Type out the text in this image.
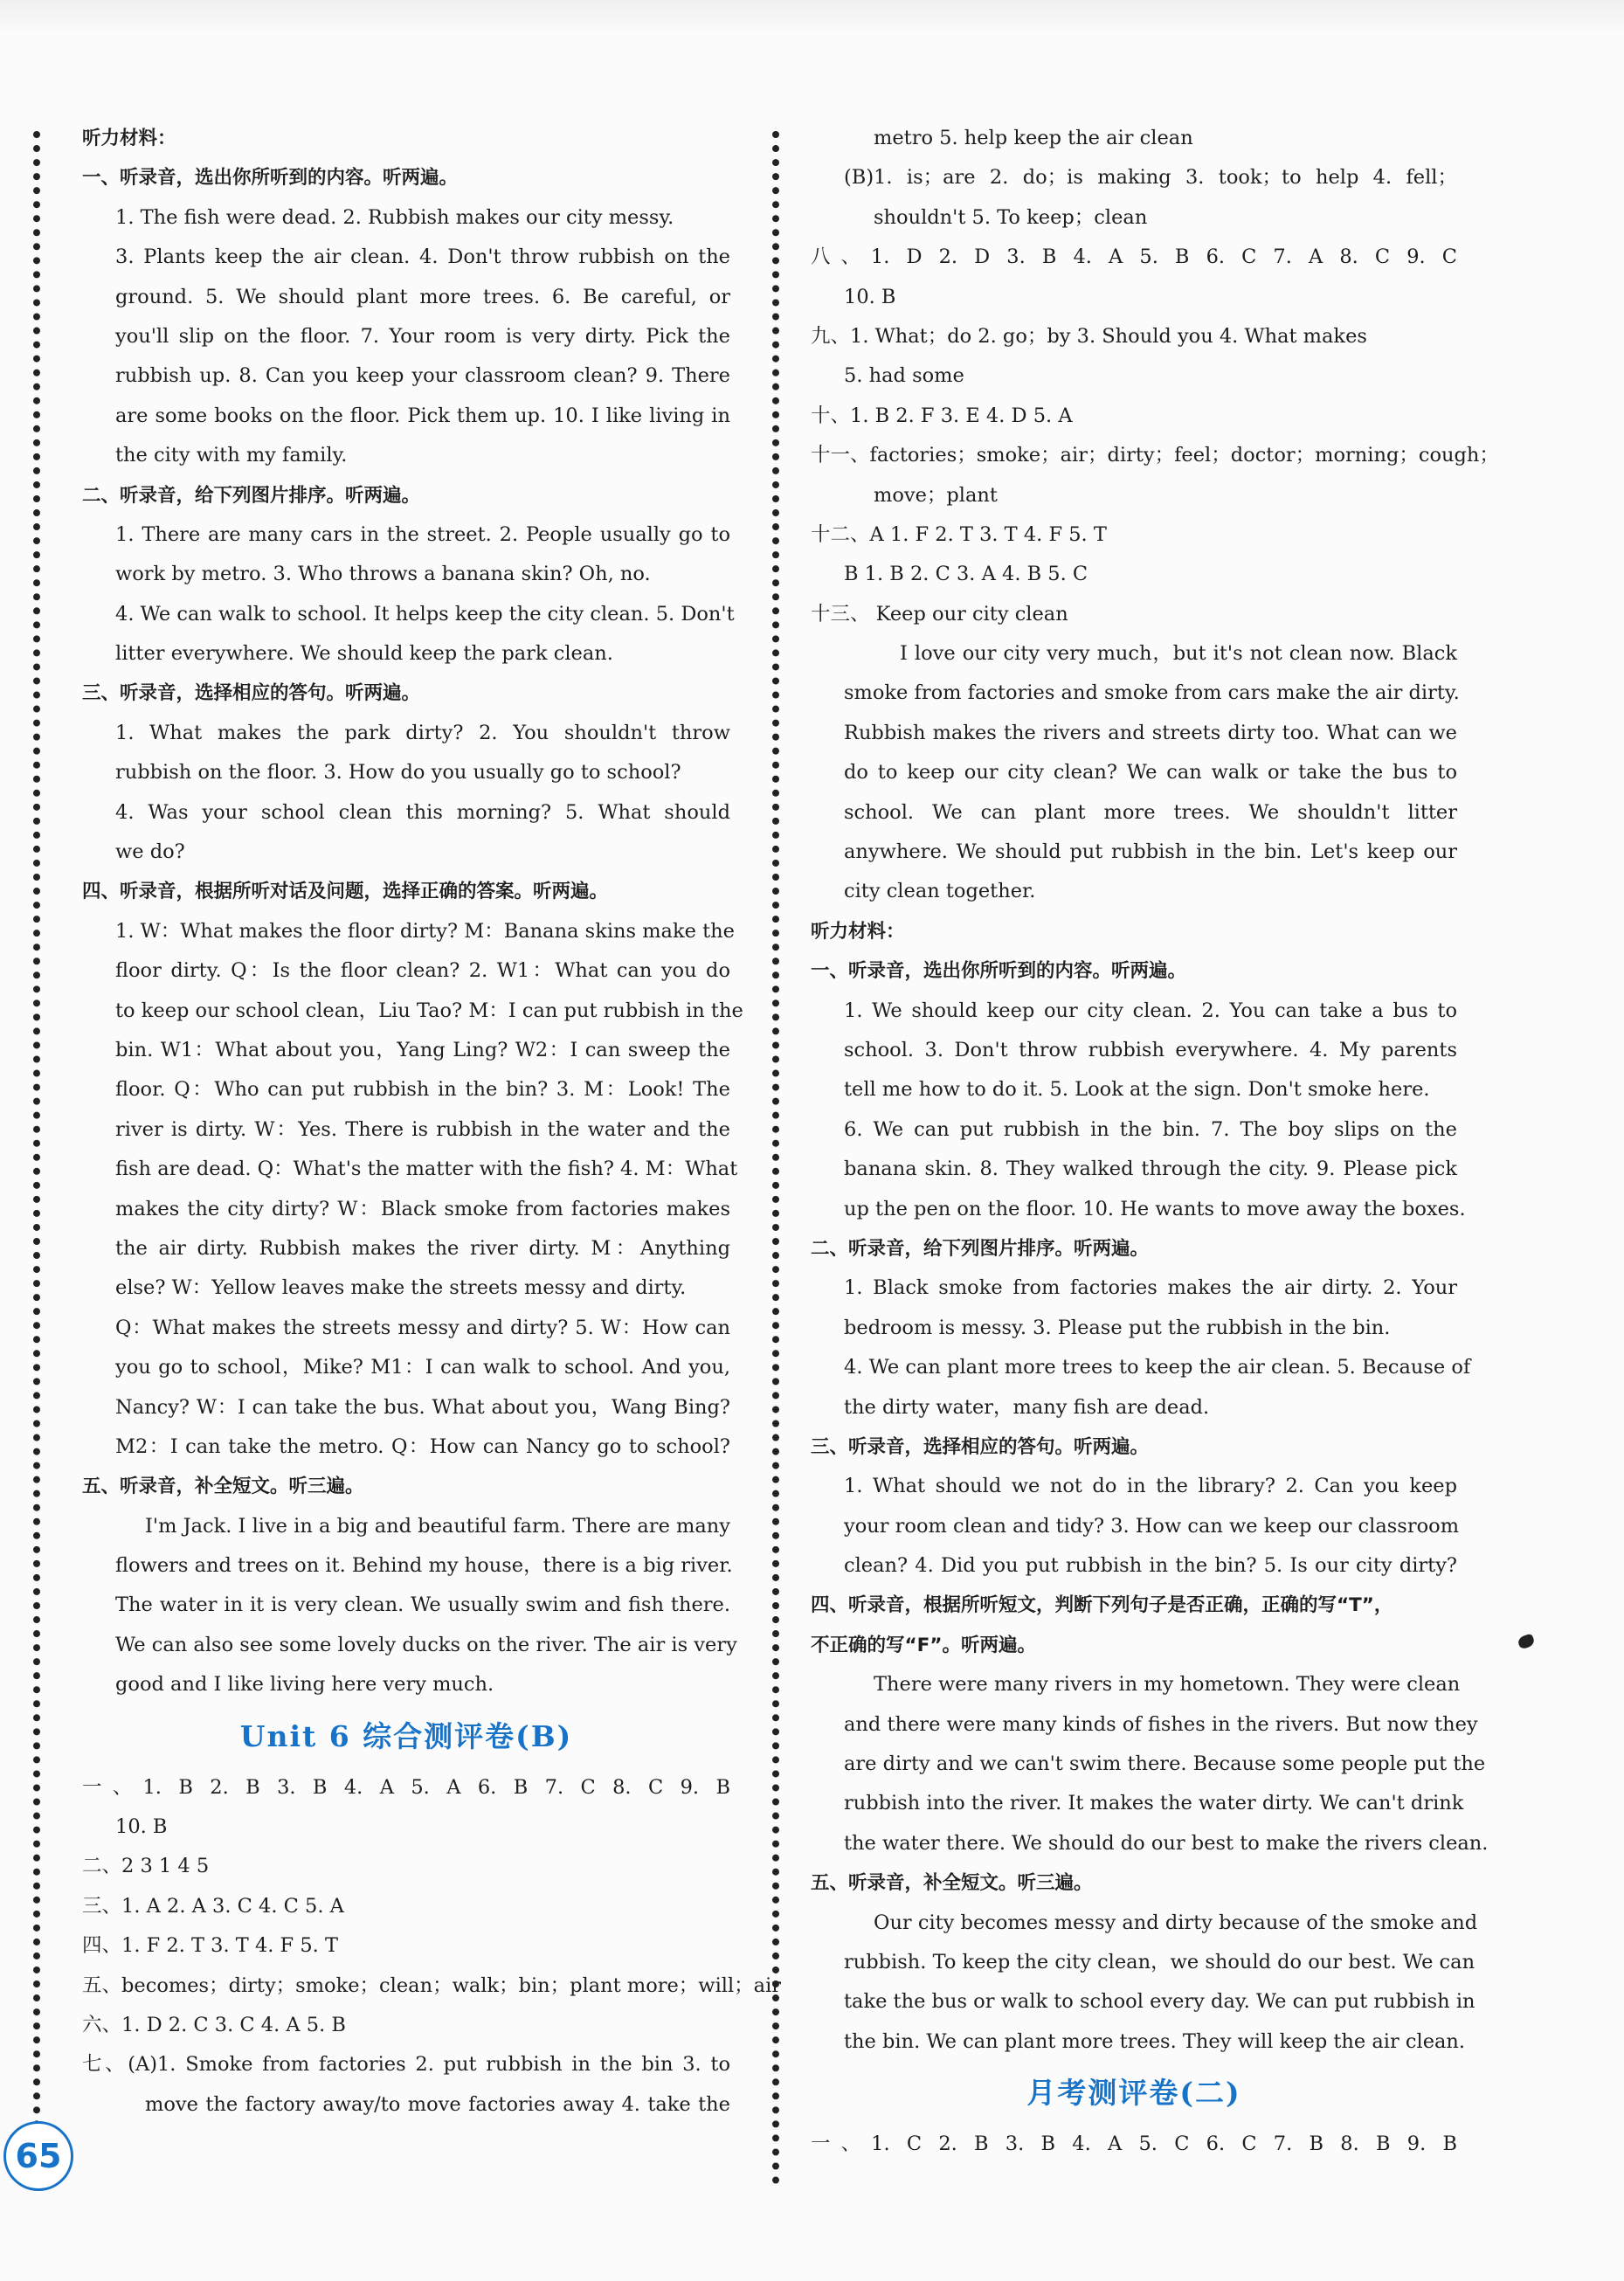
听力材料：
一、听录音，选出你所听到的内容。听两遍。
1. The fish were dead. 2. Rubbish makes our city messy.
3. Plants keep the air clean. 4. Don't throw rubbish on the
ground. 5. We should plant more trees. 6. Be careful, or
you'll slip on the floor. 7. Your room is very dirty. Pick the
rubbish up. 8. Can you keep your classroom clean? 9. There
are some books on the floor. Pick them up. 10. I like living in
the city with my family.
二、听录音，给下列图片排序。听两遍。
1. There are many cars in the street. 2. People usually go to
work by metro. 3. Who throws a banana skin? Oh, no.
4. We can walk to school. It helps keep the city clean. 5. Don't
litter everywhere. We should keep the park clean.
三、听录音，选择相应的答句。听两遍。
1. What makes the park dirty? 2. You shouldn't throw
rubbish on the floor. 3. How do you usually go to school?
4. Was your school clean this morning? 5. What should
we do?
四、听录音，根据所听对话及问题，选择正确的答案。听两遍。
1. W：What makes the floor dirty? M：Banana skins make the
floor dirty. Q：Is the floor clean? 2. W1：What can you do
to keep our school clean，Liu Tao? M：I can put rubbish in the
bin. W1：What about you，Yang Ling? W2：I can sweep the
floor. Q：Who can put rubbish in the bin? 3. M：Look! The
river is dirty. W：Yes. There is rubbish in the water and the
fish are dead. Q：What's the matter with the fish? 4. M：What
makes the city dirty? W：Black smoke from factories makes
the air dirty. Rubbish makes the river dirty. M：Anything
else? W：Yellow leaves make the streets messy and dirty.
Q：What makes the streets messy and dirty? 5. W：How can
you go to school，Mike? M1：I can walk to school. And you,
Nancy? W：I can take the bus. What about you，Wang Bing?
M2：I can take the metro. Q：How can Nancy go to school?
五、听录音，补全短文。听三遍。
I'm Jack. I live in a big and beautiful farm. There are many
flowers and trees on it. Behind my house，there is a big river.
The water in it is very clean. We usually swim and fish there.
We can also see some lovely ducks on the river. The air is very
good and I like living here very much.
Unit 6 综合测评卷(B)
一、1. B 2. B 3. B 4. A 5. A 6. B 7. C 8. C 9. B
10. B
二、2 3 1 4 5
三、1. A 2. A 3. C 4. C 5. A
四、1. F 2. T 3. T 4. F 5. T
五、becomes；dirty；smoke；clean；walk；bin；plant more；will；air
六、1. D 2. C 3. C 4. A 5. B
七、(A)1. Smoke from factories 2. put rubbish in the bin 3. to
move the factory away/to move factories away 4. take the
metro 5. help keep the air clean
(B)1. is；are 2. do；is making 3. took；to help 4. fell；
shouldn't 5. To keep；clean
八、1. D 2. D 3. B 4. A 5. B 6. C 7. A 8. C 9. C
10. B
九、1. What；do 2. go；by 3. Should you 4. What makes
5. had some
十、1. B 2. F 3. E 4. D 5. A
十一、factories；smoke；air；dirty；feel；doctor；morning；cough；
move；plant
十二、A 1. F 2. T 3. T 4. F 5. T
B 1. B 2. C 3. A 4. B 5. C
十三、 Keep our city clean
I love our city very much，but it's not clean now. Black
smoke from factories and smoke from cars make the air dirty.
Rubbish makes the rivers and streets dirty too. What can we
do to keep our city clean? We can walk or take the bus to
school. We can plant more trees. We shouldn't litter
anywhere. We should put rubbish in the bin. Let's keep our
city clean together.
听力材料：
一、听录音，选出你所听到的内容。听两遍。
1. We should keep our city clean. 2. You can take a bus to
school. 3. Don't throw rubbish everywhere. 4. My parents
tell me how to do it. 5. Look at the sign. Don't smoke here.
6. We can put rubbish in the bin. 7. The boy slips on the
banana skin. 8. They walked through the city. 9. Please pick
up the pen on the floor. 10. He wants to move away the boxes.
二、听录音，给下列图片排序。听两遍。
1. Black smoke from factories makes the air dirty. 2. Your
bedroom is messy. 3. Please put the rubbish in the bin.
4. We can plant more trees to keep the air clean. 5. Because of
the dirty water，many fish are dead.
三、听录音，选择相应的答句。听两遍。
1. What should we not do in the library? 2. Can you keep
your room clean and tidy? 3. How can we keep our classroom
clean? 4. Did you put rubbish in the bin? 5. Is our city dirty?
四、听录音，根据所听短文，判断下列句子是否正确，正确的写“T”，
不正确的写“F”。听两遍。
There were many rivers in my hometown. They were clean
and there were many kinds of fishes in the rivers. But now they
are dirty and we can't swim there. Because some people put the
rubbish into the river. It makes the water dirty. We can't drink
the water there. We should do our best to make the rivers clean.
五、听录音，补全短文。听三遍。
Our city becomes messy and dirty because of the smoke and
rubbish. To keep the city clean，we should do our best. We can
take the bus or walk to school every day. We can put rubbish in
the bin. We can plant more trees. They will keep the air clean.
月考测评卷(二)
一、1. C 2. B 3. B 4. A 5. C 6. C 7. B 8. B 9. B
65
